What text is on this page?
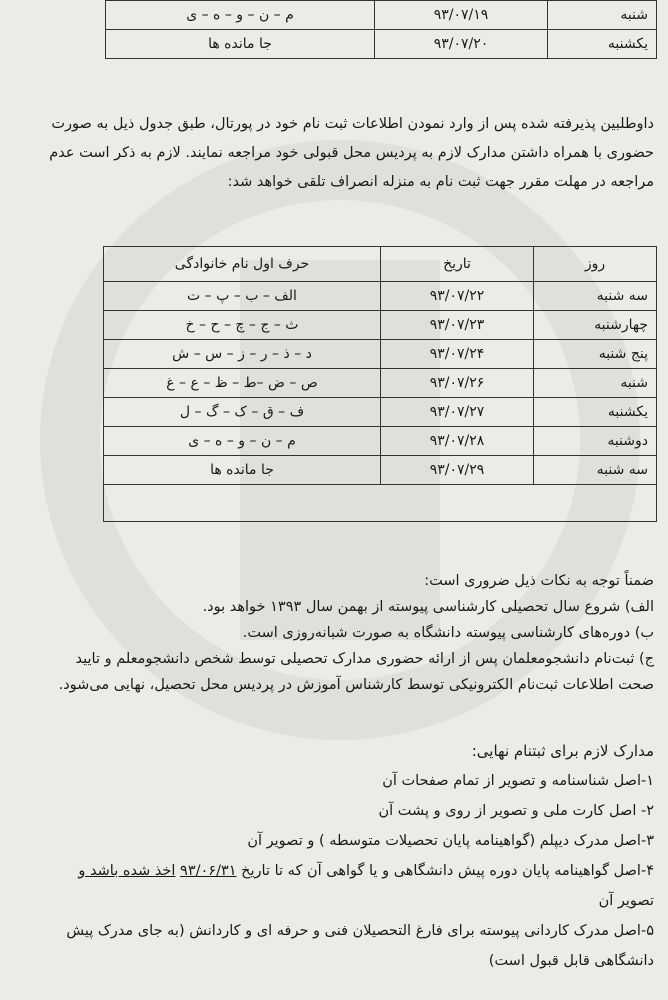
شنبه	۹۳/۰۷/۱۹	م – ن – و – ه – ی
یکشنبه	۹۳/۰۷/۲۰	جا مانده ها

داوطلبین پذیرفته شده پس از وارد نمودن اطلاعات ثبت نام خود در پورتال، طبق جدول ذیل به صورت

حضوری با همراه داشتن مدارک لازم به پردیس محل قبولی خود مراجعه نمایند. لازم به ذکر است عدم

مراجعه در مهلت مقرر جهت ثبت نام به منزله انصراف تلقی خواهد شد:

روز	تاریخ	حرف اول نام خانوادگی
سه شنبه	۹۳/۰۷/۲۲	الف – ب – پ – ت
چهارشنبه	۹۳/۰۷/۲۳	ث – ج – چ – ح – خ
پنج شنبه	۹۳/۰۷/۲۴	د – ذ – ر – ز – س – ش
شنبه	۹۳/۰۷/۲۶	ص – ض –ط – ظ – ع – غ
یکشنبه	۹۳/۰۷/۲۷	ف – ق – ک – گ – ل
دوشنبه	۹۳/۰۷/۲۸	م – ن – و – ه – ی
سه شنبه	۹۳/۰۷/۲۹	جا مانده ها

ضمناً توجه به نکات ذیل ضروری است:

الف) شروع سال تحصیلی کارشناسی پیوسته از بهمن سال ۱۳۹۳ خواهد بود.

ب) دوره‌های کارشناسی پیوسته دانشگاه به صورت شبانه‌روزی است.

ج) ثبت‌نام دانشجومعلمان پس از ارائه حضوری مدارک تحصیلی توسط شخص دانشجومعلم و تایید

صحت اطلاعات ثبت‌نام الکترونیکی توسط کارشناس آموزش در پردیس محل تحصیل، نهایی می‌شود.

مدارک لازم برای ثبتنام نهایی:

۱-اصل شناسنامه و تصویر از تمام صفحات آن

۲- اصل کارت ملی و تصویر از روی و پشت آن

۳-اصل مدرک دیپلم (گواهینامه پایان تحصیلات متوسطه ) و تصویر آن

۴-اصل گواهینامه پایان دوره پیش دانشگاهی و یا گواهی آن که تا تاریخ ۹۳/۰۶/۳۱ اخذ شده باشد و

تصویر آن

۵-اصل مدرک کاردانی پیوسته برای فارغ التحصیلان فنی و حرفه ای و کاردانش (به جای مدرک پیش

دانشگاهی قابل قبول است)
